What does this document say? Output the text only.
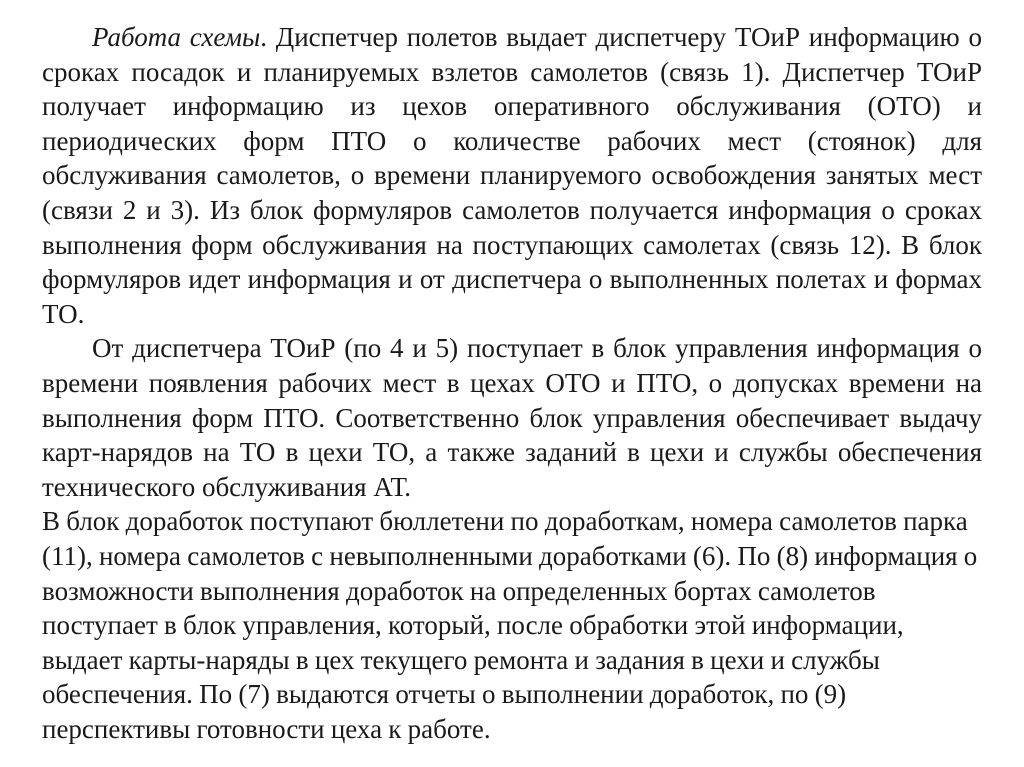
Работа схемы. Диспетчер полетов выдает диспетчеру ТОиР информацию о сроках посадок и планируемых взлетов самолетов (связь 1). Диспетчер ТОиР получает информацию из цехов оперативного обслуживания (ОТО) и периодических форм ПТО о количестве рабочих мест (стоянок) для обслуживания самолетов, о времени планируемого освобождения занятых мест (связи 2 и 3). Из блок формуляров самолетов получается информация о сроках выполнения форм обслуживания на поступающих самолетах (связь 12). В блок формуляров идет информация и от диспетчера о выполненных полетах и формах ТО.

От диспетчера ТОиР (по 4 и 5) поступает в блок управления информация о времени появления рабочих мест в цехах ОТО и ПТО, о допусках времени на выполнения форм ПТО. Соответственно блок управления обеспечивает выдачу карт-нарядов на ТО в цехи ТО, а также заданий в цехи и службы обеспечения технического обслуживания АТ.

В блок доработок поступают бюллетени по доработкам, номера самолетов парка (11), номера самолетов с невыполненными доработками (6). По (8) информация о возможности выполнения доработок на определенных бортах самолетов поступает в блок управления, который, после обработки этой информации, выдает карты-наряды в цех текущего ремонта и задания в цехи и службы обеспечения. По (7) выдаются отчеты о выполнении доработок, по (9) перспективы готовности цеха к работе.
